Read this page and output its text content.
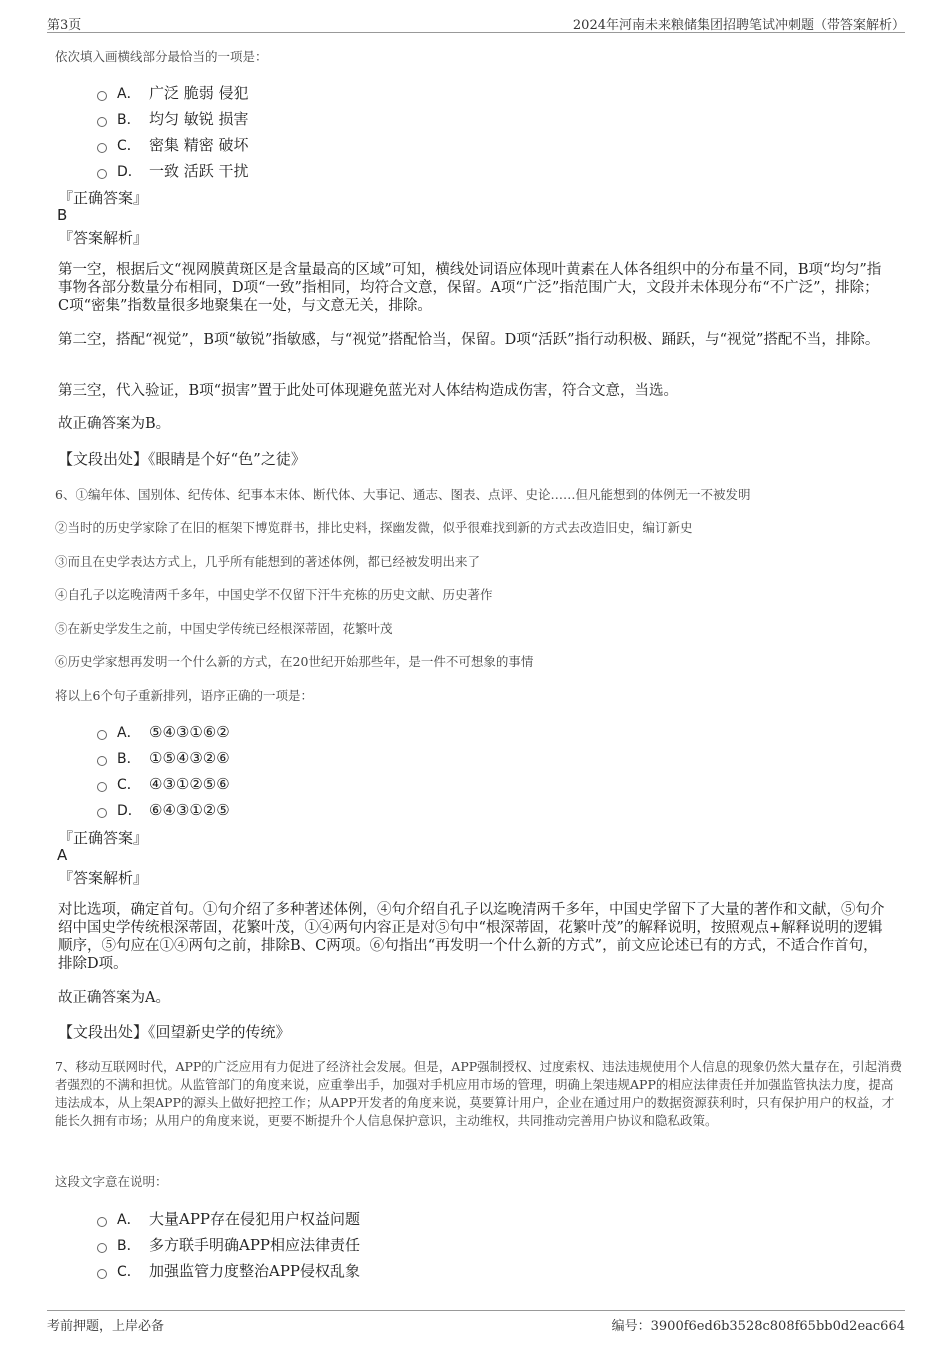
第3页	2024年河南未来粮储集团招聘笔试冲刺题（带答案解析）
依次填入画横线部分最恰当的一项是：
A． 广泛 脆弱 侵犯
B． 均匀 敏锐 损害
C． 密集 精密 破坏
D． 一致 活跃 干扰
『正确答案』
B
『答案解析』
第一空，根据后文“视网膜黄斑区是含量最高的区域”可知，横线处词语应体现叶黄素在人体各组织中的分布量不同，B项“均匀”指事物各部分数量分布相同，D项“一致”指相同，均符合文意，保留。A项“广泛”指范围广大，文段并未体现分布“不广泛”，排除；C项“密集”指数量很多地聚集在一处，与文意无关，排除。
第二空，搭配“视觉”，B项“敏锐”指敏感，与“视觉”搭配恰当，保留。D项“活跃”指行动积极、踊跃，与“视觉”搭配不当，排除。
第三空，代入验证，B项“损害”置于此处可体现避免蓝光对人体结构造成伤害，符合文意，当选。
故正确答案为B。
【文段出处】《眼睛是个好“色”之徒》
6、①编年体、国别体、纪传体、纪事本末体、断代体、大事记、通志、图表、点评、史论……但凡能想到的体例无一不被发明
②当时的历史学家除了在旧的框架下博览群书，排比史料，探幽发微，似乎很难找到新的方式去改造旧史，编订新史
③而且在史学表达方式上，几乎所有能想到的著述体例，都已经被发明出来了
④自孔子以迄晚清两千多年，中国史学不仅留下汗牛充栋的历史文献、历史著作
⑤在新史学发生之前，中国史学传统已经根深蒂固，花繁叶茂
⑥历史学家想再发明一个什么新的方式，在20世纪开始那些年，是一件不可想象的事情
将以上6个句子重新排列，语序正确的一项是：
A． ⑤④③①⑥②
B． ①⑤④③②⑥
C． ④③①②⑤⑥
D． ⑥④③①②⑤
『正确答案』
A
『答案解析』
对比选项，确定首句。①句介绍了多种著述体例，④句介绍自孔子以迄晚清两千多年，中国史学留下了大量的著作和文献，⑤句介绍中国史学传统根深蒂固，花繁叶茂，①④两句内容正是对⑤句中“根深蒂固，花繁叶茂”的解释说明，按照观点+解释说明的逻辑顺序，⑤句应在①④两句之前，排除B、C两项。⑥句指出“再发明一个什么新的方式”，前文应论述已有的方式，不适合作首句，排除D项。
故正确答案为A。
【文段出处】《回望新史学的传统》
7、移动互联网时代，APP的广泛应用有力促进了经济社会发展。但是，APP强制授权、过度索权、违法违规使用个人信息的现象仍然大量存在，引起消费者强烈的不满和担忧。从监管部门的角度来说，应重拳出手，加强对手机应用市场的管理，明确上架违规APP的相应法律责任并加强监管执法力度，提高违法成本，从上架APP的源头上做好把控工作；从APP开发者的角度来说，莫要算计用户，企业在通过用户的数据资源获利时，只有保护用户的权益，才能长久拥有市场；从用户的角度来说，更要不断提升个人信息保护意识，主动维权，共同推动完善用户协议和隐私政策。
这段文字意在说明：
A． 大量APP存在侵犯用户权益问题
B． 多方联手明确APP相应法律责任
C． 加强监管力度整治APP侵权乱象
考前押题，上岸必备	编号：3900f6ed6b3528c808f65bb0d2eac664
